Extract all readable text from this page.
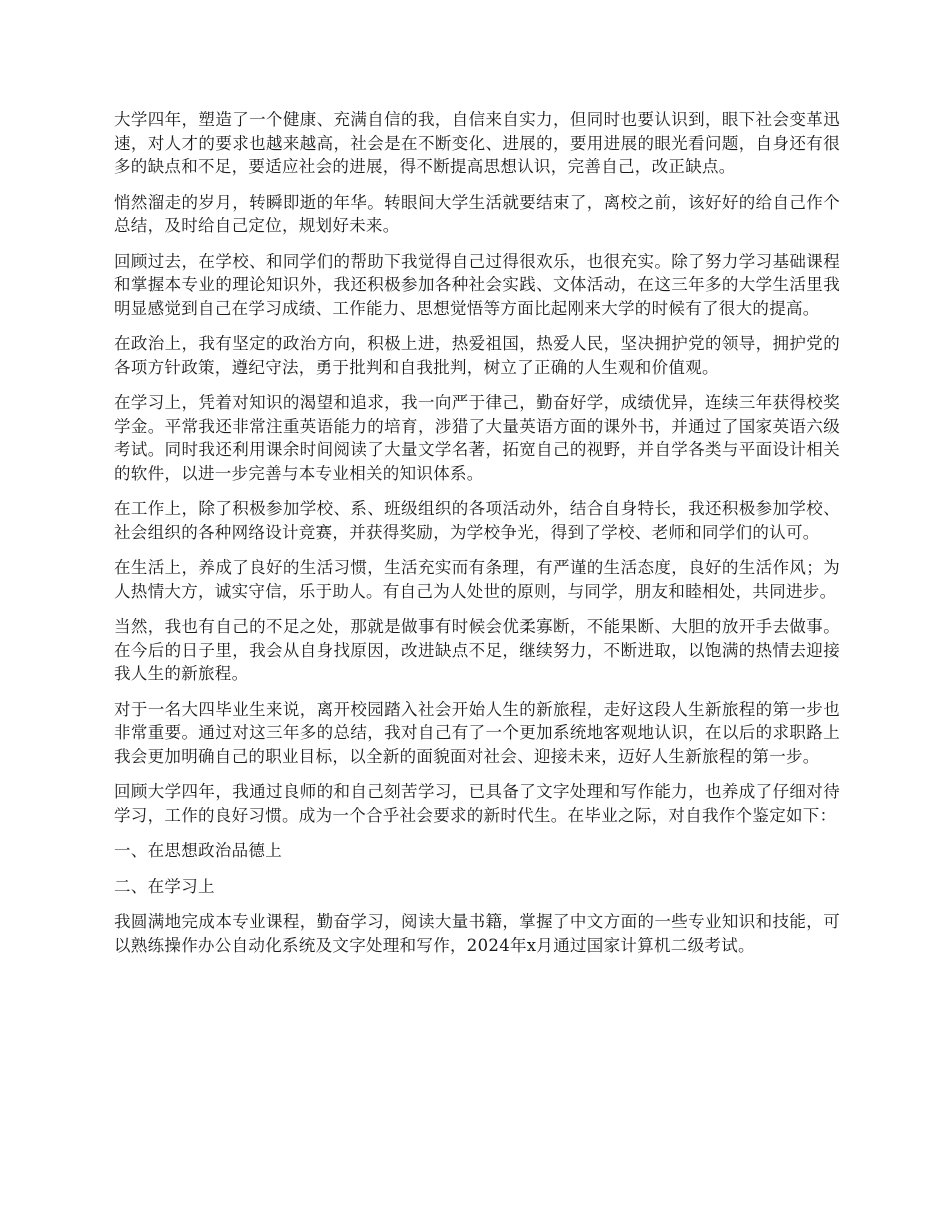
大学四年，塑造了一个健康、充满自信的我，自信来自实力，但同时也要认识到，眼下社会变革迅速，对人才的要求也越来越高，社会是在不断变化、进展的，要用进展的眼光看问题，自身还有很多的缺点和不足，要适应社会的进展，得不断提高思想认识，完善自己，改正缺点。

悄然溜走的岁月，转瞬即逝的年华。转眼间大学生活就要结束了，离校之前，该好好的给自己作个总结，及时给自己定位，规划好未来。

回顾过去，在学校、和同学们的帮助下我觉得自己过得很欢乐，也很充实。除了努力学习基础课程和掌握本专业的理论知识外，我还积极参加各种社会实践、文体活动，在这三年多的大学生活里我明显感觉到自己在学习成绩、工作能力、思想觉悟等方面比起刚来大学的时候有了很大的提高。

在政治上，我有坚定的政治方向，积极上进，热爱祖国，热爱人民，坚决拥护党的领导，拥护党的各项方针政策，遵纪守法，勇于批判和自我批判，树立了正确的人生观和价值观。

在学习上，凭着对知识的渴望和追求，我一向严于律己，勤奋好学，成绩优异，连续三年获得校奖学金。平常我还非常注重英语能力的培育，涉猎了大量英语方面的课外书，并通过了国家英语六级考试。同时我还利用课余时间阅读了大量文学名著，拓宽自己的视野，并自学各类与平面设计相关的软件，以进一步完善与本专业相关的知识体系。

在工作上，除了积极参加学校、系、班级组织的各项活动外，结合自身特长，我还积极参加学校、社会组织的各种网络设计竞赛，并获得奖励，为学校争光，得到了学校、老师和同学们的认可。

在生活上，养成了良好的生活习惯，生活充实而有条理，有严谨的生活态度，良好的生活作风；为人热情大方，诚实守信，乐于助人。有自己为人处世的原则，与同学，朋友和睦相处，共同进步。

当然，我也有自己的不足之处，那就是做事有时候会优柔寡断，不能果断、大胆的放开手去做事。在今后的日子里，我会从自身找原因，改进缺点不足，继续努力，不断进取，以饱满的热情去迎接我人生的新旅程。

对于一名大四毕业生来说，离开校园踏入社会开始人生的新旅程，走好这段人生新旅程的第一步也非常重要。通过对这三年多的总结，我对自己有了一个更加系统地客观地认识，在以后的求职路上我会更加明确自己的职业目标，以全新的面貌面对社会、迎接未来，迈好人生新旅程的第一步。

回顾大学四年，我通过良师的和自己刻苦学习，已具备了文字处理和写作能力，也养成了仔细对待学习，工作的良好习惯。成为一个合乎社会要求的新时代生。在毕业之际，对自我作个鉴定如下：

一、在思想政治品德上

二、在学习上

我圆满地完成本专业课程，勤奋学习，阅读大量书籍，掌握了中文方面的一些专业知识和技能，可以熟练操作办公自动化系统及文字处理和写作，2024年x月通过国家计算机二级考试。
